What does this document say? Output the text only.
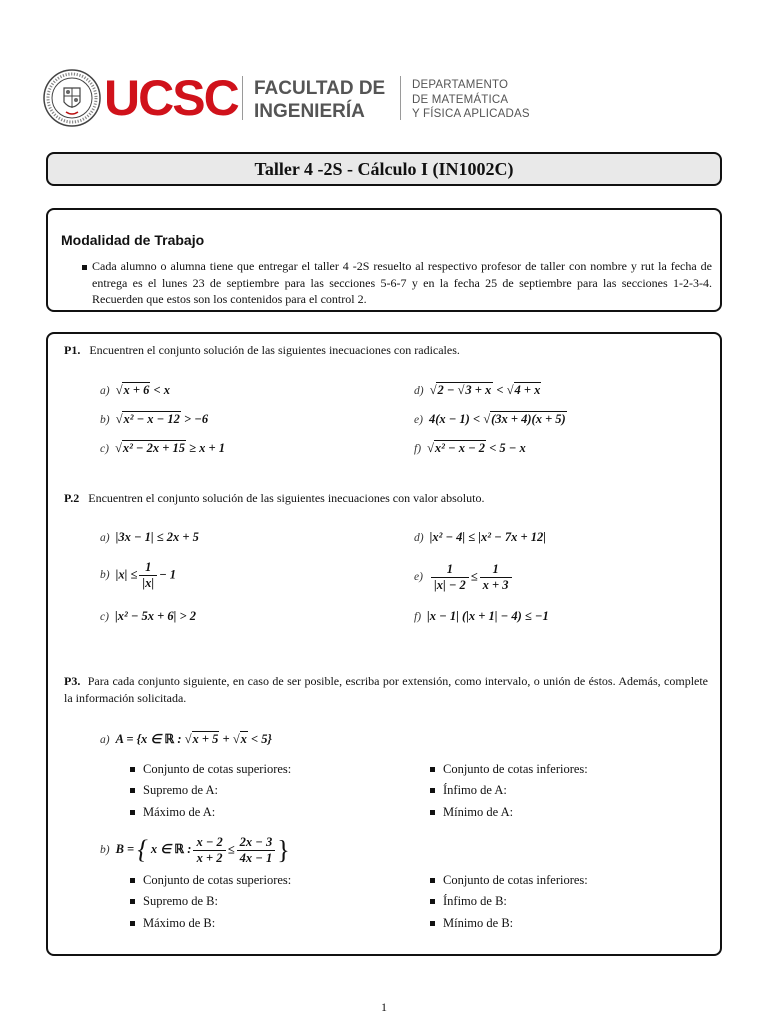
UCSC FACULTAD DE
INGENIERÍA
DEPARTAMENTO
DE MATEMÁTICA
Y FÍSICA APLICADAS
Taller 4 -2S - Cálculo I (IN1002C)
Modalidad de Trabajo
Cada alumno o alumna tiene que entregar el taller 4 -2S resuelto al respectivo profesor de taller con nombre y rut la fecha de entrega es el lunes 23 de septiembre para las secciones 5-6-7 y en la fecha 25 de septiembre para las secciones 1-2-3-4. Recuerden que estos son los contenidos para el control 2.
P1. Encuentren el conjunto solución de las siguientes inecuaciones con radicales.
a) √x + 6 < x
b) √x² − x − 12 > −6
c) √x² − 2x + 15 ≥ x + 1
d) √2 − √3 + x < √4 + x
e) 4(x − 1) < √(3x + 4)(x + 5)
f) √x² − x − 2 < 5 − x
P.2 Encuentren el conjunto solución de las siguientes inecuaciones con valor absoluto.
a) |3x − 1| ≤ 2x + 5
b) $|x| \le \frac{1}{|x|} - 1$
c) |x² − 5x + 6| > 2
d) |x² − 4| ≤ |x² − 7x + 12|
$e) \frac{1}{|x| - 2} \le \frac{1}{x + 3}$
f) |x − 1| (|x + 1| − 4) ≤ −1
P3. Para cada conjunto siguiente, en caso de ser posible, escriba por extensión, como intervalo, o unión de éstos. Además, complete la información solicitada.
a) A = {x ∈ ℝ : √x + 5 + √x < 5}
Conjunto de cotas superiores:
Supremo de A:
Máximo de A:
Conjunto de cotas inferiores:
Ínfimo de A:
Mínimo de A:
b) B = { x ∈ ℝ : $\frac{x - 2}{x + 2} \le \frac{2x - 3}{4x - 1}$ }
Conjunto de cotas superiores:
Supremo de B:
Máximo de B:
Conjunto de cotas inferiores:
Ínfimo de B:
Mínimo de B:
1
